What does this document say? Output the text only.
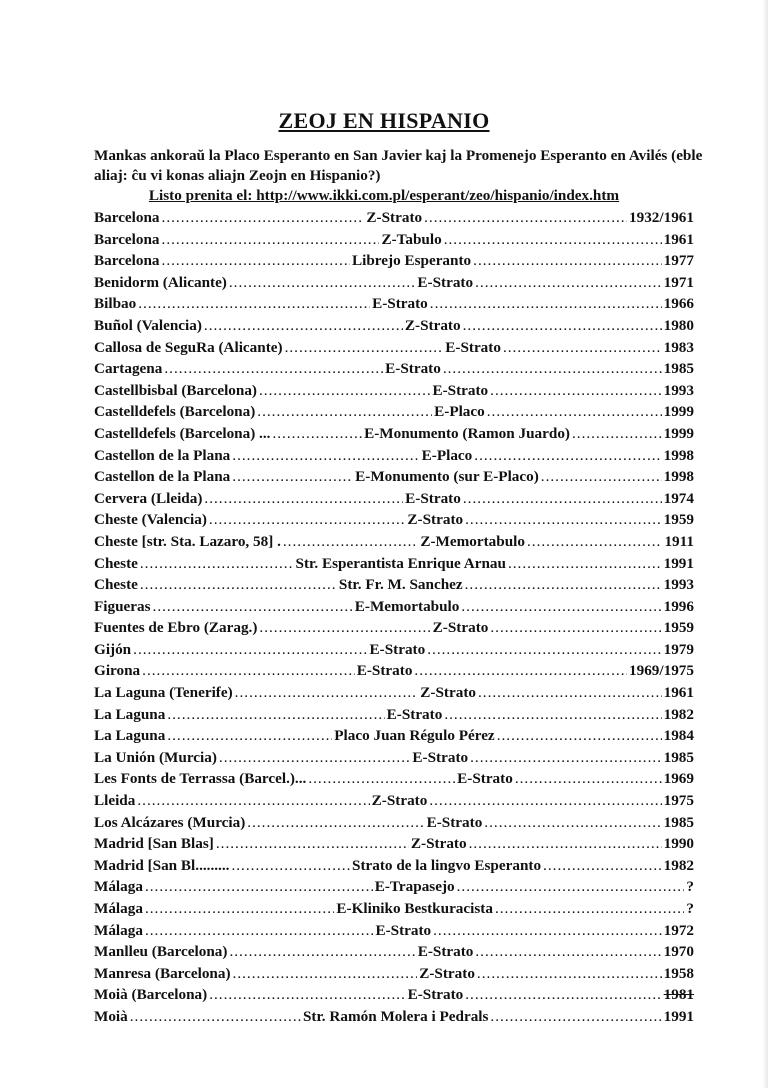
ZEOJ EN HISPANIO
Mankas ankoraŭ la Placo Esperanto en San Javier kaj la Promenejo Esperanto en Avilés (eble aliaj: ĉu vi konas aliajn Zeojn en Hispanio?)
Listo prenita el: http://www.ikki.com.pl/esperant/zeo/hispanio/index.htm
Barcelona .....	Z-Strato .....	1932/1961
Barcelona .....	Z-Tabulo .....	1961
Barcelona .....	Librejo Esperanto .....	1977
Benidorm (Alicante) .....	E-Strato .....	1971
Bilbao .....	E-Strato .....	1966
Buñol (Valencia) .....	Z-Strato .....	1980
Callosa de SeguRa (Alicante) .....	E-Strato .....	1983
Cartagena .....	E-Strato .....	1985
Castellbisbal (Barcelona) .....	E-Strato .....	1993
Castelldefels (Barcelona) .....	E-Placo .....	1999
Castelldefels (Barcelona) ... .....	E-Monumento (Ramon Juardo) .....	1999
Castellon de la Plana .....	E-Placo .....	1998
Castellon de la Plana .....	E-Monumento (sur E-Placo) .....	1998
Cervera (Lleida) .....	E-Strato .....	1974
Cheste (Valencia) .....	Z-Strato .....	1959
Cheste [str. Sta. Lazaro, 58] . .....	Z-Memortabulo .....	1911
Cheste .....	Str. Esperantista Enrique Arnau .....	1991
Cheste .....	Str. Fr. M. Sanchez .....	1993
Figueras .....	E-Memortabulo .....	1996
Fuentes de Ebro (Zarag.) .....	Z-Strato .....	1959
Gijón .....	E-Strato .....	1979
Girona .....	E-Strato .....	1969/1975
La Laguna (Tenerife) .....	Z-Strato .....	1961
La Laguna .....	E-Strato .....	1982
La Laguna .....	Placo Juan Régulo Pérez .....	1984
La Unión (Murcia) .....	E-Strato .....	1985
Les Fonts de Terrassa (Barcel.)... .....	E-Strato .....	1969
Lleida .....	Z-Strato .....	1975
Los Alcázares (Murcia) .....	E-Strato .....	1985
Madrid [San Blas] .....	Z-Strato .....	1990
Madrid [San Bl......... .....	Strato de la lingvo Esperanto .....	1982
Málaga .....	E-Trapasejo .....	?
Málaga .....	E-Kliniko Bestkuracista .....	?
Málaga .....	E-Strato .....	1972
Manlleu (Barcelona) .....	E-Strato .....	1970
Manresa (Barcelona) .....	Z-Strato .....	1958
Moià (Barcelona) .....	E-Strato .....	1981
Moià .....	Str. Ramón Molera i Pedrals .....	1991
